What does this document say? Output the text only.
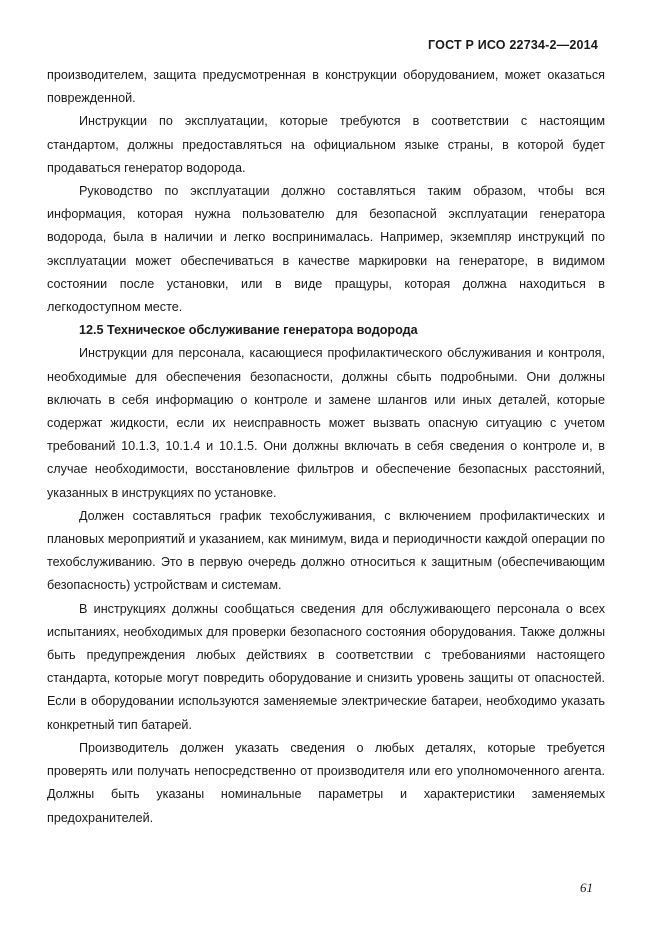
ГОСТ Р ИСО 22734-2—2014

производителем, защита предусмотренная в конструкции оборудованием, может оказаться поврежденной.

Инструкции по эксплуатации, которые требуются в соответствии с настоящим стандартом, должны предоставляться на официальном языке страны, в которой будет продаваться генератор водорода.

Руководство по эксплуатации должно составляться таким образом, чтобы вся информация, которая нужна пользователю для безопасной эксплуатации генератора водорода, была в наличии и легко воспринималась. Например, экземпляр инструкций по эксплуатации может обеспечиваться в качестве маркировки на генераторе, в видимом состоянии после установки, или в виде пращуры, которая должна находиться в легкодоступном месте.

12.5 Техническое обслуживание генератора водорода

Инструкции для персонала, касающиеся профилактического обслуживания и контроля, необходимые для обеспечения безопасности, должны сбыть подробными. Они должны включать в себя информацию о контроле и замене шлангов или иных деталей, которые содержат жидкости, если их неисправность может вызвать опасную ситуацию с учетом требований 10.1.3, 10.1.4 и 10.1.5. Они должны включать в себя сведения о контроле и, в случае необходимости, восстановление фильтров и обеспечение безопасных расстояний, указанных в инструкциях по установке.

Должен составляться график техобслуживания, с включением профилактических и плановых мероприятий и указанием, как минимум, вида и периодичности каждой операции по техобслуживанию. Это в первую очередь должно относиться к защитным (обеспечивающим безопасность) устройствам и системам.

В инструкциях должны сообщаться сведения для обслуживающего персонала о всех испытаниях, необходимых для проверки безопасного состояния оборудования. Также должны быть предупреждения любых действиях в соответствии с требованиями настоящего стандарта, которые могут повредить оборудование и снизить уровень защиты от опасностей. Если в оборудовании используются заменяемые электрические батареи, необходимо указать конкретный тип батарей.

Производитель должен указать сведения о любых деталях, которые требуется проверять или получать непосредственно от производителя или его уполномоченного агента. Должны быть указаны номинальные параметры и характеристики заменяемых предохранителей.

61
